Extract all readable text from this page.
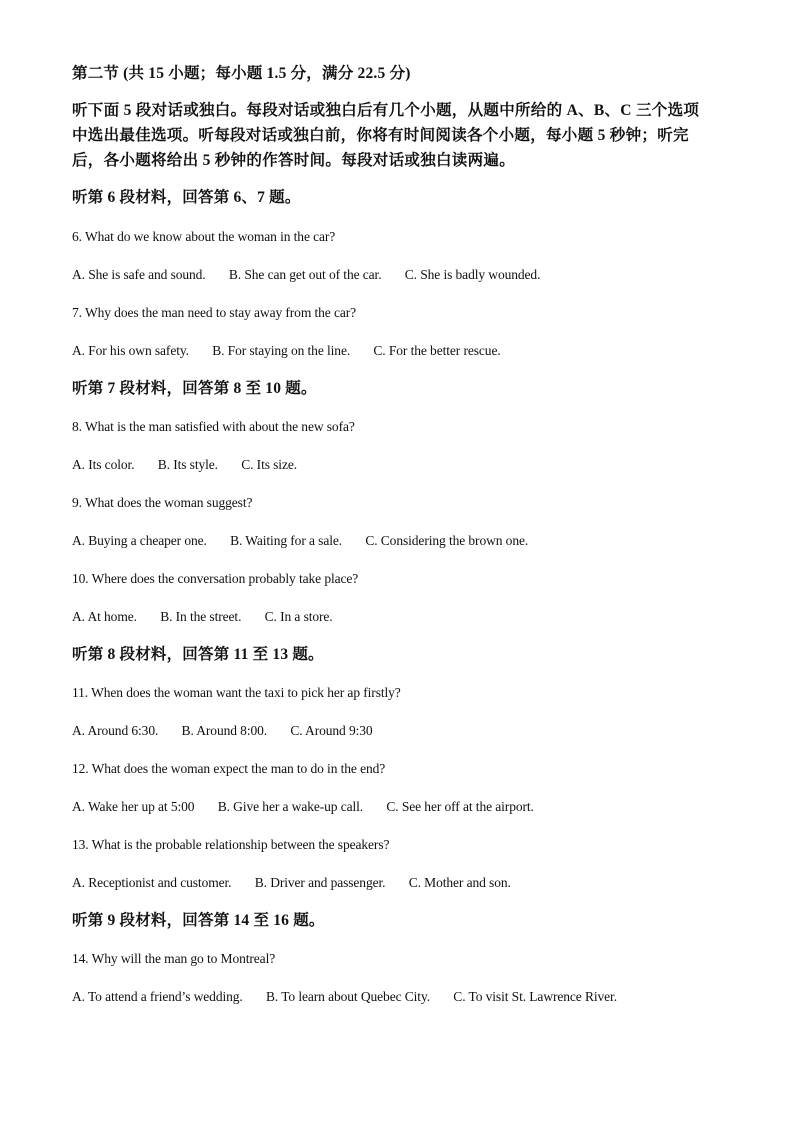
第二节 (共 15 小题；每小题 1.5 分，满分 22.5 分)
听下面 5 段对话或独白。每段对话或独白后有几个小题，从题中所给的 A、B、C 三个选项
中选出最佳选项。听每段对话或独白前，你将有时间阅读各个小题，每小题 5 秒钟；听完
后，各小题将给出 5 秒钟的作答时间。每段对话或独白读两遍。
听第 6 段材料，回答第 6、7 题。
6. What do we know about the woman in the car?
A. She is safe and sound. B. She can get out of the car. C. She is badly wounded.
7. Why does the man need to stay away from the car?
A. For his own safety. B. For staying on the line. C. For the better rescue.
听第 7 段材料，回答第 8 至 10 题。
8. What is the man satisfied with about the new sofa?
A. Its color. B. Its style. C. Its size.
9. What does the woman suggest?
A. Buying a cheaper one. B. Waiting for a sale. C. Considering the brown one.
10. Where does the conversation probably take place?
A. At home. B. In the street. C. In a store.
听第 8 段材料，回答第 11 至 13 题。
11. When does the woman want the taxi to pick her ap firstly?
A. Around 6:30. B. Around 8:00. C. Around 9:30
12. What does the woman expect the man to do in the end?
A. Wake her up at 5:00 B. Give her a wake-up call. C. See her off at the airport.
13. What is the probable relationship between the speakers?
A. Receptionist and customer. B. Driver and passenger. C. Mother and son.
听第 9 段材料，回答第 14 至 16 题。
14. Why will the man go to Montreal?
A. To attend a friend’s wedding. B. To learn about Quebec City. C. To visit St. Lawrence River.
